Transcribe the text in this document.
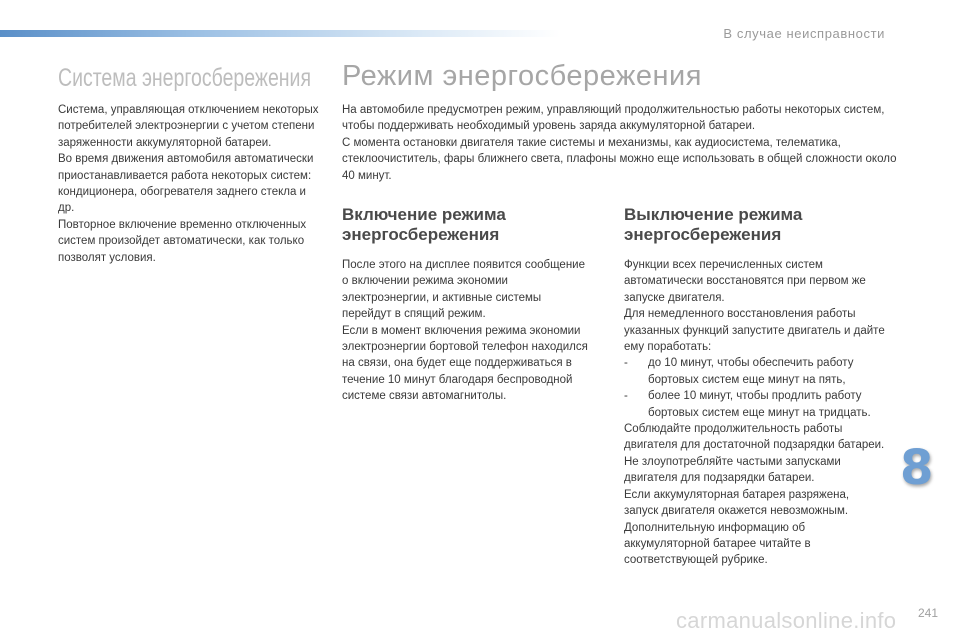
В случае неисправности
Система энергосбережения

Система, управляющая отключением некоторых потребителей электроэнергии с учетом степени заряженности аккумуляторной батареи.

Во время движения автомобиля автоматически приостанавливается работа некоторых систем: кондиционера, обогревателя заднего стекла и др.

Повторное включение временно отключенных систем произойдет автоматически, как только позволят условия.

Режим энергосбережения

На автомобиле предусмотрен режим, управляющий продолжительностью работы некоторых систем, чтобы поддерживать необходимый уровень заряда аккумуляторной батареи.

С момента остановки двигателя такие системы и механизмы, как аудиосистема, телематика, стеклоочиститель, фары ближнего света, плафоны можно еще использовать в общей сложности около 40 минут.

Включение режима энергосбережения

После этого на дисплее появится сообщение о включении режима экономии электроэнергии, и активные системы перейдут в спящий режим.

Если в момент включения режима экономии электроэнергии бортовой телефон находился на связи, она будет еще поддерживаться в течение 10 минут благодаря беспроводной системе связи автомагнитолы.

Выключение режима энергосбережения

Функции всех перечисленных систем автоматически восстановятся при первом же запуске двигателя.

Для немедленного восстановления работы указанных функций запустите двигатель и дайте ему поработать:

-	до 10 минут, чтобы обеспечить работу бортовых систем еще минут на пять,
-	более 10 минут, чтобы продлить работу бортовых систем еще минут на тридцать.

Соблюдайте продолжительность работы двигателя для достаточной подзарядки батареи.

Не злоупотребляйте частыми запусками двигателя для подзарядки батареи.

Если аккумуляторная батарея разряжена, запуск двигателя окажется невозможным.

Дополнительную информацию об аккумуляторной батарее читайте в соответствующей рубрике.

8
carmanualsonline.info 241
